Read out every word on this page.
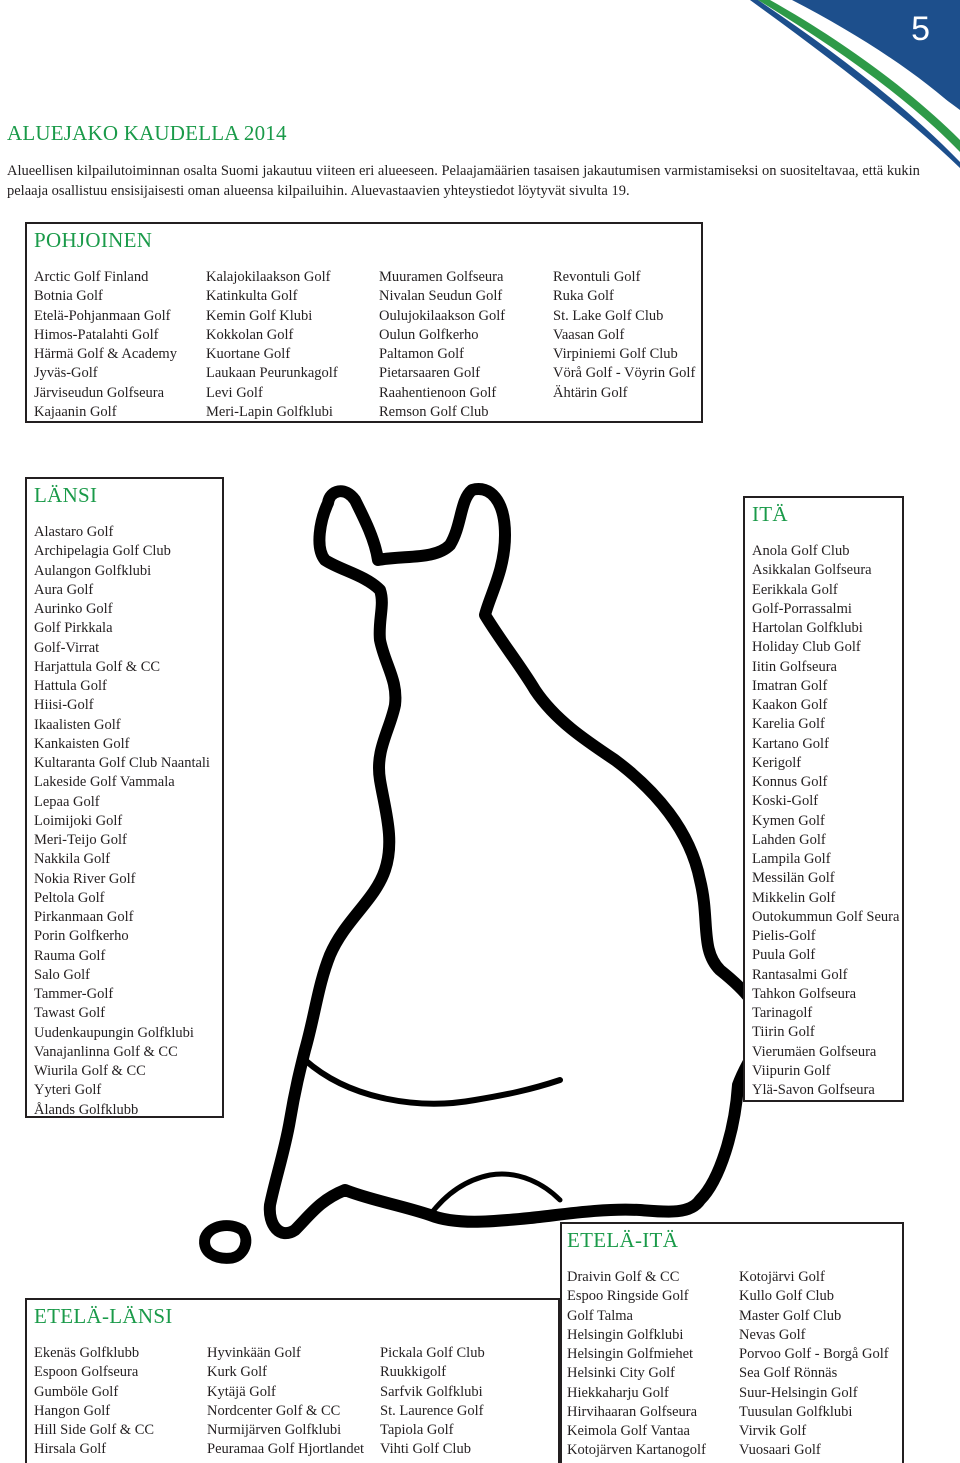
5
ALUEJAKO KAUDELLA 2014
Alueellisen kilpailutoiminnan osalta Suomi jakautuu viiteen eri alueeseen. Pelaajamäärien tasaisen jakautumisen varmistamiseksi on suositeltavaa, että kukin pelaaja osallistuu ensisijaisesti oman alueensa kilpailuihin. Aluevastaavien yhteystiedot löytyvät sivulta 19.
POHJOINEN
Arctic Golf Finland
Botnia Golf
Etelä-Pohjanmaan Golf
Himos-Patalahti Golf
Härmä Golf & Academy
Jyväs-Golf
Järviseudun Golfseura
Kajaanin Golf
Kalajokilaakson Golf
Katinkulta Golf
Kemin Golf Klubi
Kokkolan Golf
Kuortane Golf
Laukaan Peurunkagolf
Levi Golf
Meri-Lapin Golfklubi
Muuramen Golfseura
Nivalan Seudun Golf
Oulujokilaakson Golf
Oulun Golfkerho
Paltamon Golf
Pietarsaaren Golf
Raahentienoon Golf
Remson Golf Club
Revontuli Golf
Ruka Golf
St. Lake Golf Club
Vaasan Golf
Virpiniemi Golf Club
Vörå Golf - Vöyrin Golf
Ähtärin Golf
LÄNSI
Alastaro Golf
Archipelagia Golf Club
Aulangon Golfklubi
Aura Golf
Aurinko Golf
Golf Pirkkala
Golf-Virrat
Harjattula Golf & CC
Hattula Golf
Hiisi-Golf
Ikaalisten Golf
Kankaisten Golf
Kultaranta Golf Club Naantali
Lakeside Golf Vammala
Lepaa Golf
Loimijoki Golf
Meri-Teijo Golf
Nakkila Golf
Nokia River Golf
Peltola Golf
Pirkanmaan Golf
Porin Golfkerho
Rauma Golf
Salo Golf
Tammer-Golf
Tawast Golf
Uudenkaupungin Golfklubi
Vanajanlinna Golf & CC
Wiurila Golf & CC
Yyteri Golf
Ålands Golfklubb
ITÄ
Anola Golf Club
Asikkalan Golfseura
Eerikkala Golf
Golf-Porrassalmi
Hartolan Golfklubi
Holiday Club Golf
Iitin Golfseura
Imatran Golf
Kaakon Golf
Karelia Golf
Kartano Golf
Kerigolf
Konnus Golf
Koski-Golf
Kymen Golf
Lahden Golf
Lampila Golf
Messilän Golf
Mikkelin Golf
Outokummun Golf Seura
Pielis-Golf
Puula Golf
Rantasalmi Golf
Tahkon Golfseura
Tarinagolf
Tiirin Golf
Vierumäen Golfseura
Viipurin Golf
Ylä-Savon Golfseura
ETELÄ-LÄNSI
Ekenäs Golfklubb
Espoon Golfseura
Gumböle Golf
Hangon Golf
Hill Side Golf & CC
Hirsala Golf
Hyvinkään Golf
Kurk Golf
Kytäjä Golf
Nordcenter Golf & CC
Nurmijärven Golfklubi
Peuramaa Golf Hjortlandet
Pickala Golf Club
Ruukkigolf
Sarfvik Golfklubi
St. Laurence Golf
Tapiola Golf
Vihti Golf Club
ETELÄ-ITÄ
Draivin Golf & CC
Espoo Ringside Golf
Golf Talma
Helsingin Golfklubi
Helsingin Golfmiehet
Helsinki City Golf
Hiekkaharju Golf
Hirvihaaran Golfseura
Keimola Golf Vantaa
Kotojärven Kartanogolf
Kotojärvi Golf
Kullo Golf Club
Master Golf Club
Nevas Golf
Porvoo Golf - Borgå Golf
Sea Golf Rönnäs
Suur-Helsingin Golf
Tuusulan Golfklubi
Virvik Golf
Vuosaari Golf
